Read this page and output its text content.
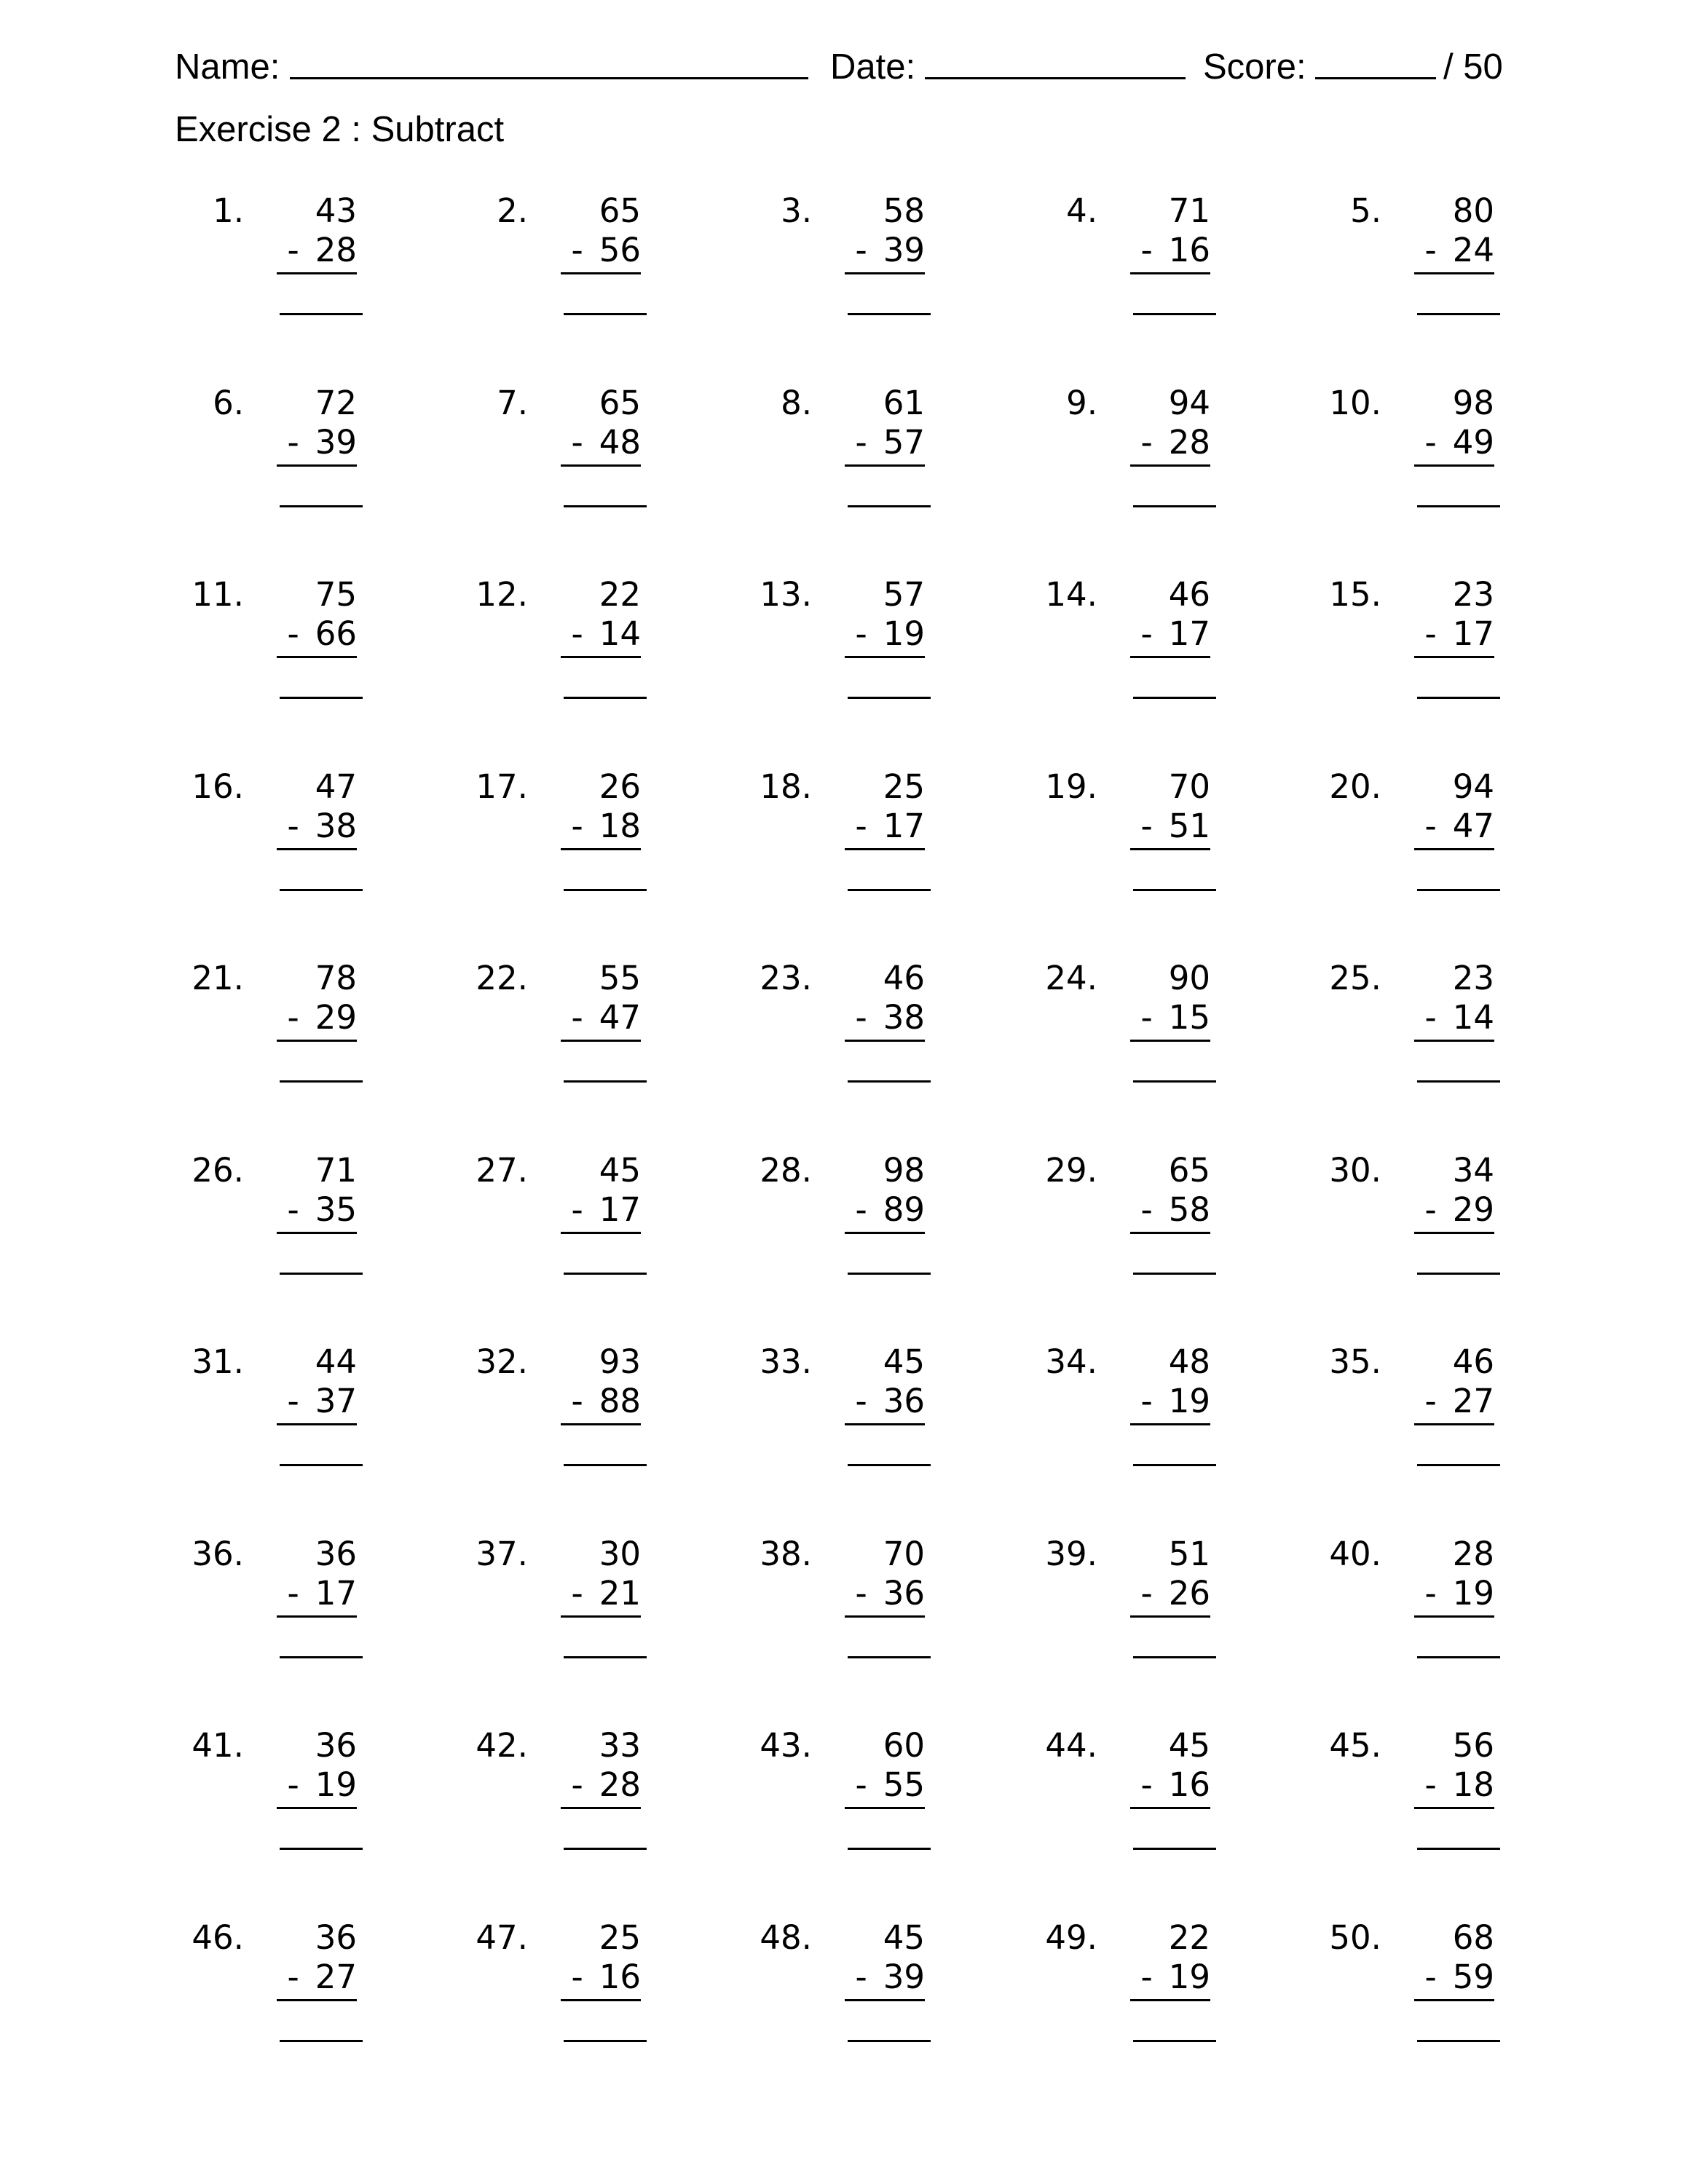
Name:	Date:	Score:	/ 50
Exercise 2 : Subtract
1.	43
- 28
2.	65
- 56
3.	58
- 39
4.	71
- 16
5.	80
- 24
6.	72
- 39
7.	65
- 48
8.	61
- 57
9.	94
- 28
10.	98
- 49
11.	75
- 66
12.	22
- 14
13.	57
- 19
14.	46
- 17
15.	23
- 17
16.	47
- 38
17.	26
- 18
18.	25
- 17
19.	70
- 51
20.	94
- 47
21.	78
- 29
22.	55
- 47
23.	46
- 38
24.	90
- 15
25.	23
- 14
26.	71
- 35
27.	45
- 17
28.	98
- 89
29.	65
- 58
30.	34
- 29
31.	44
- 37
32.	93
- 88
33.	45
- 36
34.	48
- 19
35.	46
- 27
36.	36
- 17
37.	30
- 21
38.	70
- 36
39.	51
- 26
40.	28
- 19
41.	36
- 19
42.	33
- 28
43.	60
- 55
44.	45
- 16
45.	56
- 18
46.	36
- 27
47.	25
- 16
48.	45
- 39
49.	22
- 19
50.	68
- 59
